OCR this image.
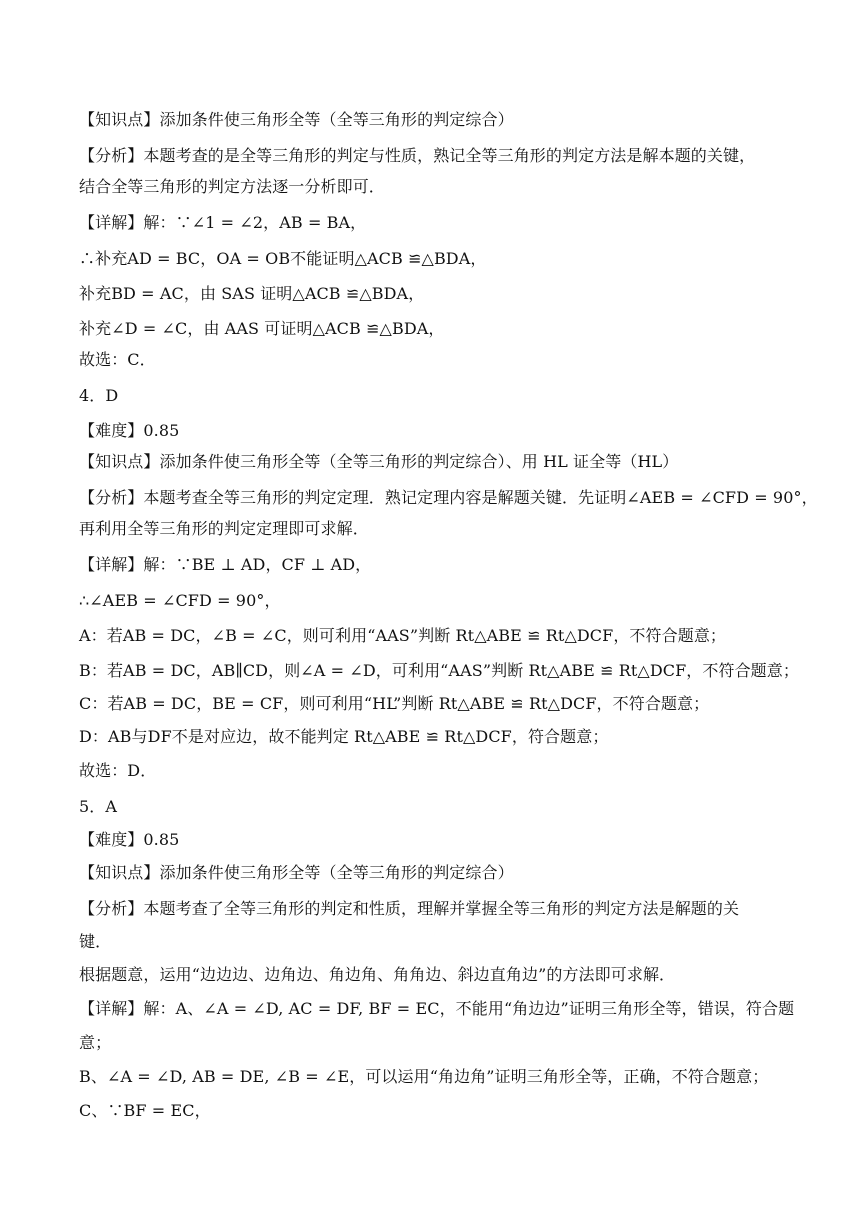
【知识点】添加条件使三角形全等（全等三角形的判定综合）
【分析】本题考查的是全等三角形的判定与性质，熟记全等三角形的判定方法是解本题的关键，
结合全等三角形的判定方法逐一分析即可．
【详解】解：∵∠1 = ∠2，AB = BA，
∴补充AD = BC，OA = OB不能证明△ACB ≌△BDA，
补充BD = AC，由 SAS 证明△ACB ≌△BDA，
补充∠D = ∠C，由 AAS 可证明△ACB ≌△BDA，
故选：C．
4．D
【难度】0.85
【知识点】添加条件使三角形全等（全等三角形的判定综合）、用 HL 证全等（HL）
【分析】本题考查全等三角形的判定定理．熟记定理内容是解题关键．先证明∠AEB = ∠CFD = 90°，
再利用全等三角形的判定定理即可求解．
【详解】解：∵BE ⊥ AD，CF ⊥ AD，
∴∠AEB = ∠CFD = 90°，
A：若AB = DC，∠B = ∠C，则可利用“AAS”判断 Rt△ABE ≌ Rt△DCF，不符合题意；
B：若AB = DC，AB∥CD，则∠A = ∠D，可利用“AAS”判断 Rt△ABE ≌ Rt△DCF，不符合题意；
C：若AB = DC，BE = CF，则可利用“HL”判断 Rt△ABE ≌ Rt△DCF，不符合题意；
D：AB与DF不是对应边，故不能判定 Rt△ABE ≌ Rt△DCF，符合题意；
故选：D．
5．A
【难度】0.85
【知识点】添加条件使三角形全等（全等三角形的判定综合）
【分析】本题考查了全等三角形的判定和性质，理解并掌握全等三角形的判定方法是解题的关
键．
根据题意，运用“边边边、边角边、角边角、角角边、斜边直角边”的方法即可求解．
【详解】解：A、∠A = ∠D, AC = DF, BF = EC，不能用“角边边”证明三角形全等，错误，符合题
意；
B、∠A = ∠D, AB = DE, ∠B = ∠E，可以运用“角边角”证明三角形全等，正确，不符合题意；
C、∵BF = EC，
